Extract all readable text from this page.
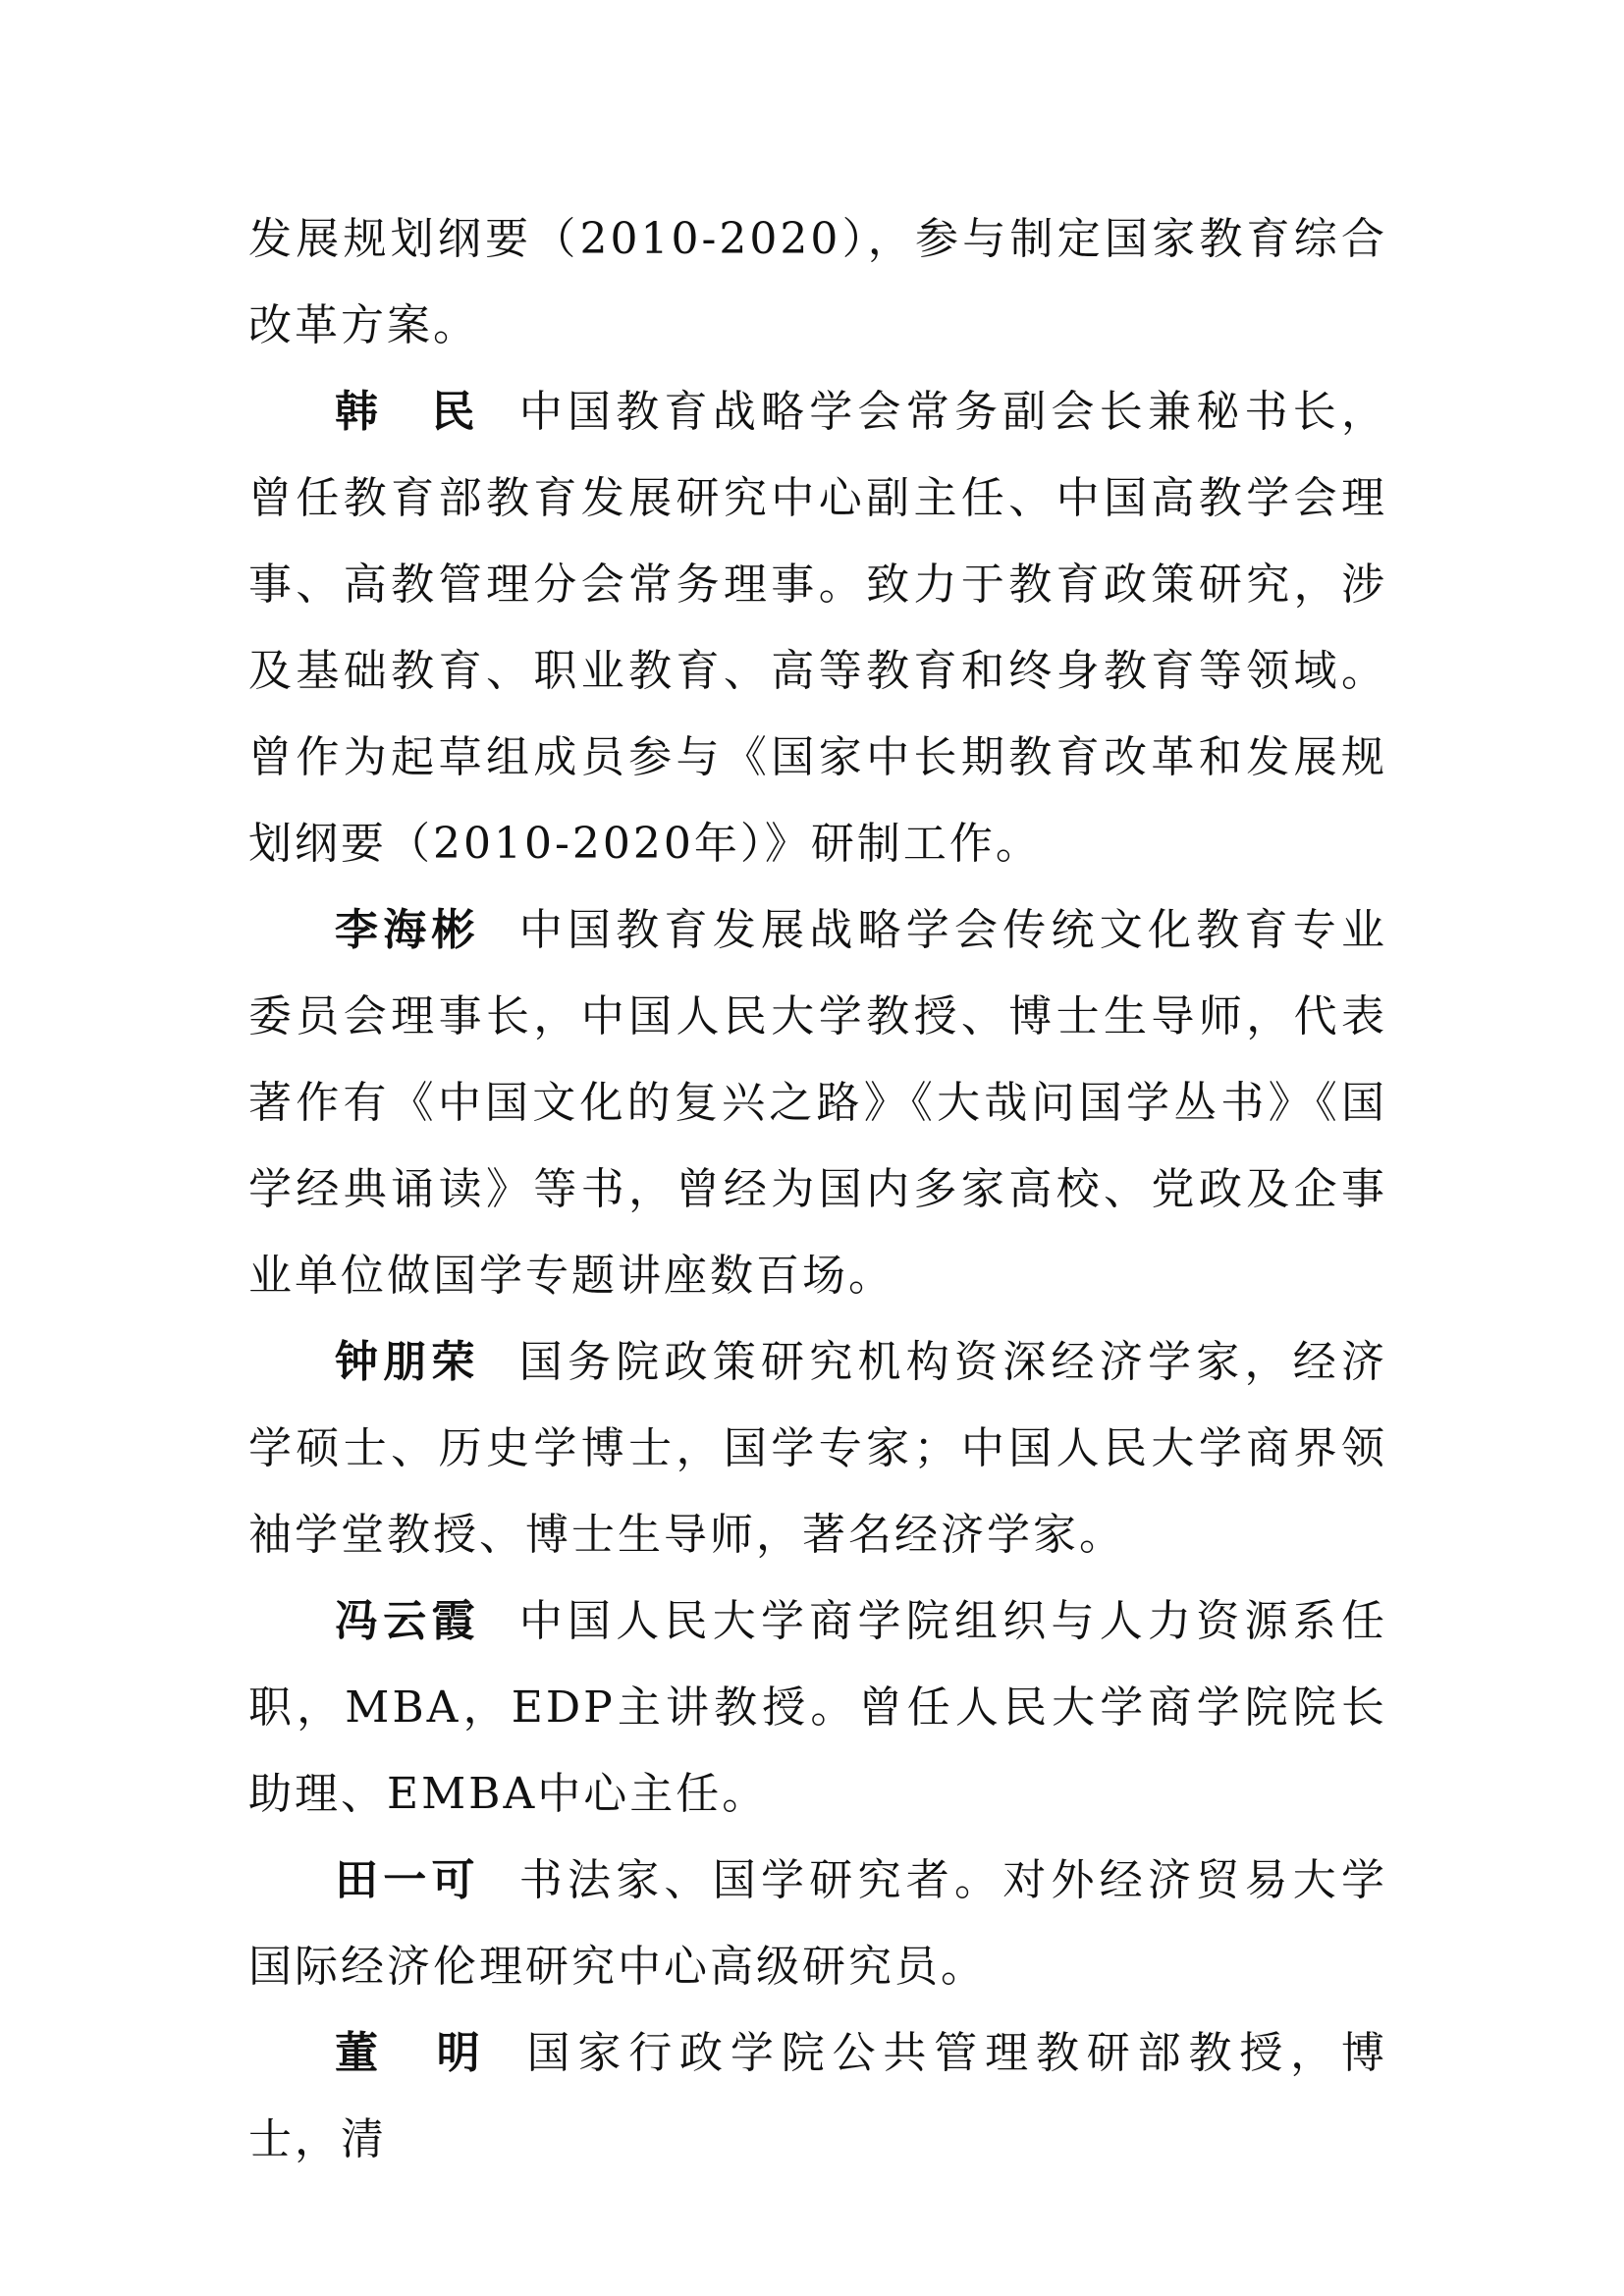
发展规划纲要（2010-2020），参与制定国家教育综合改革方案。

韩　民 中国教育战略学会常务副会长兼秘书长，曾任教育部教育发展研究中心副主任、中国高教学会理事、高教管理分会常务理事。致力于教育政策研究，涉及基础教育、职业教育、高等教育和终身教育等领域。曾作为起草组成员参与《国家中长期教育改革和发展规划纲要（2010-2020年）》研制工作。

李海彬 中国教育发展战略学会传统文化教育专业委员会理事长，中国人民大学教授、博士生导师，代表著作有《中国文化的复兴之路》《大哉问国学丛书》《国学经典诵读》等书，曾经为国内多家高校、党政及企事业单位做国学专题讲座数百场。

钟朋荣 国务院政策研究机构资深经济学家，经济学硕士、历史学博士，国学专家；中国人民大学商界领袖学堂教授、博士生导师，著名经济学家。

冯云霞 中国人民大学商学院组织与人力资源系任职，MBA，EDP主讲教授。曾任人民大学商学院院长助理、EMBA中心主任。

田一可 书法家、国学研究者。对外经济贸易大学国际经济伦理研究中心高级研究员。

董　明 国家行政学院公共管理教研部教授，博士，清
